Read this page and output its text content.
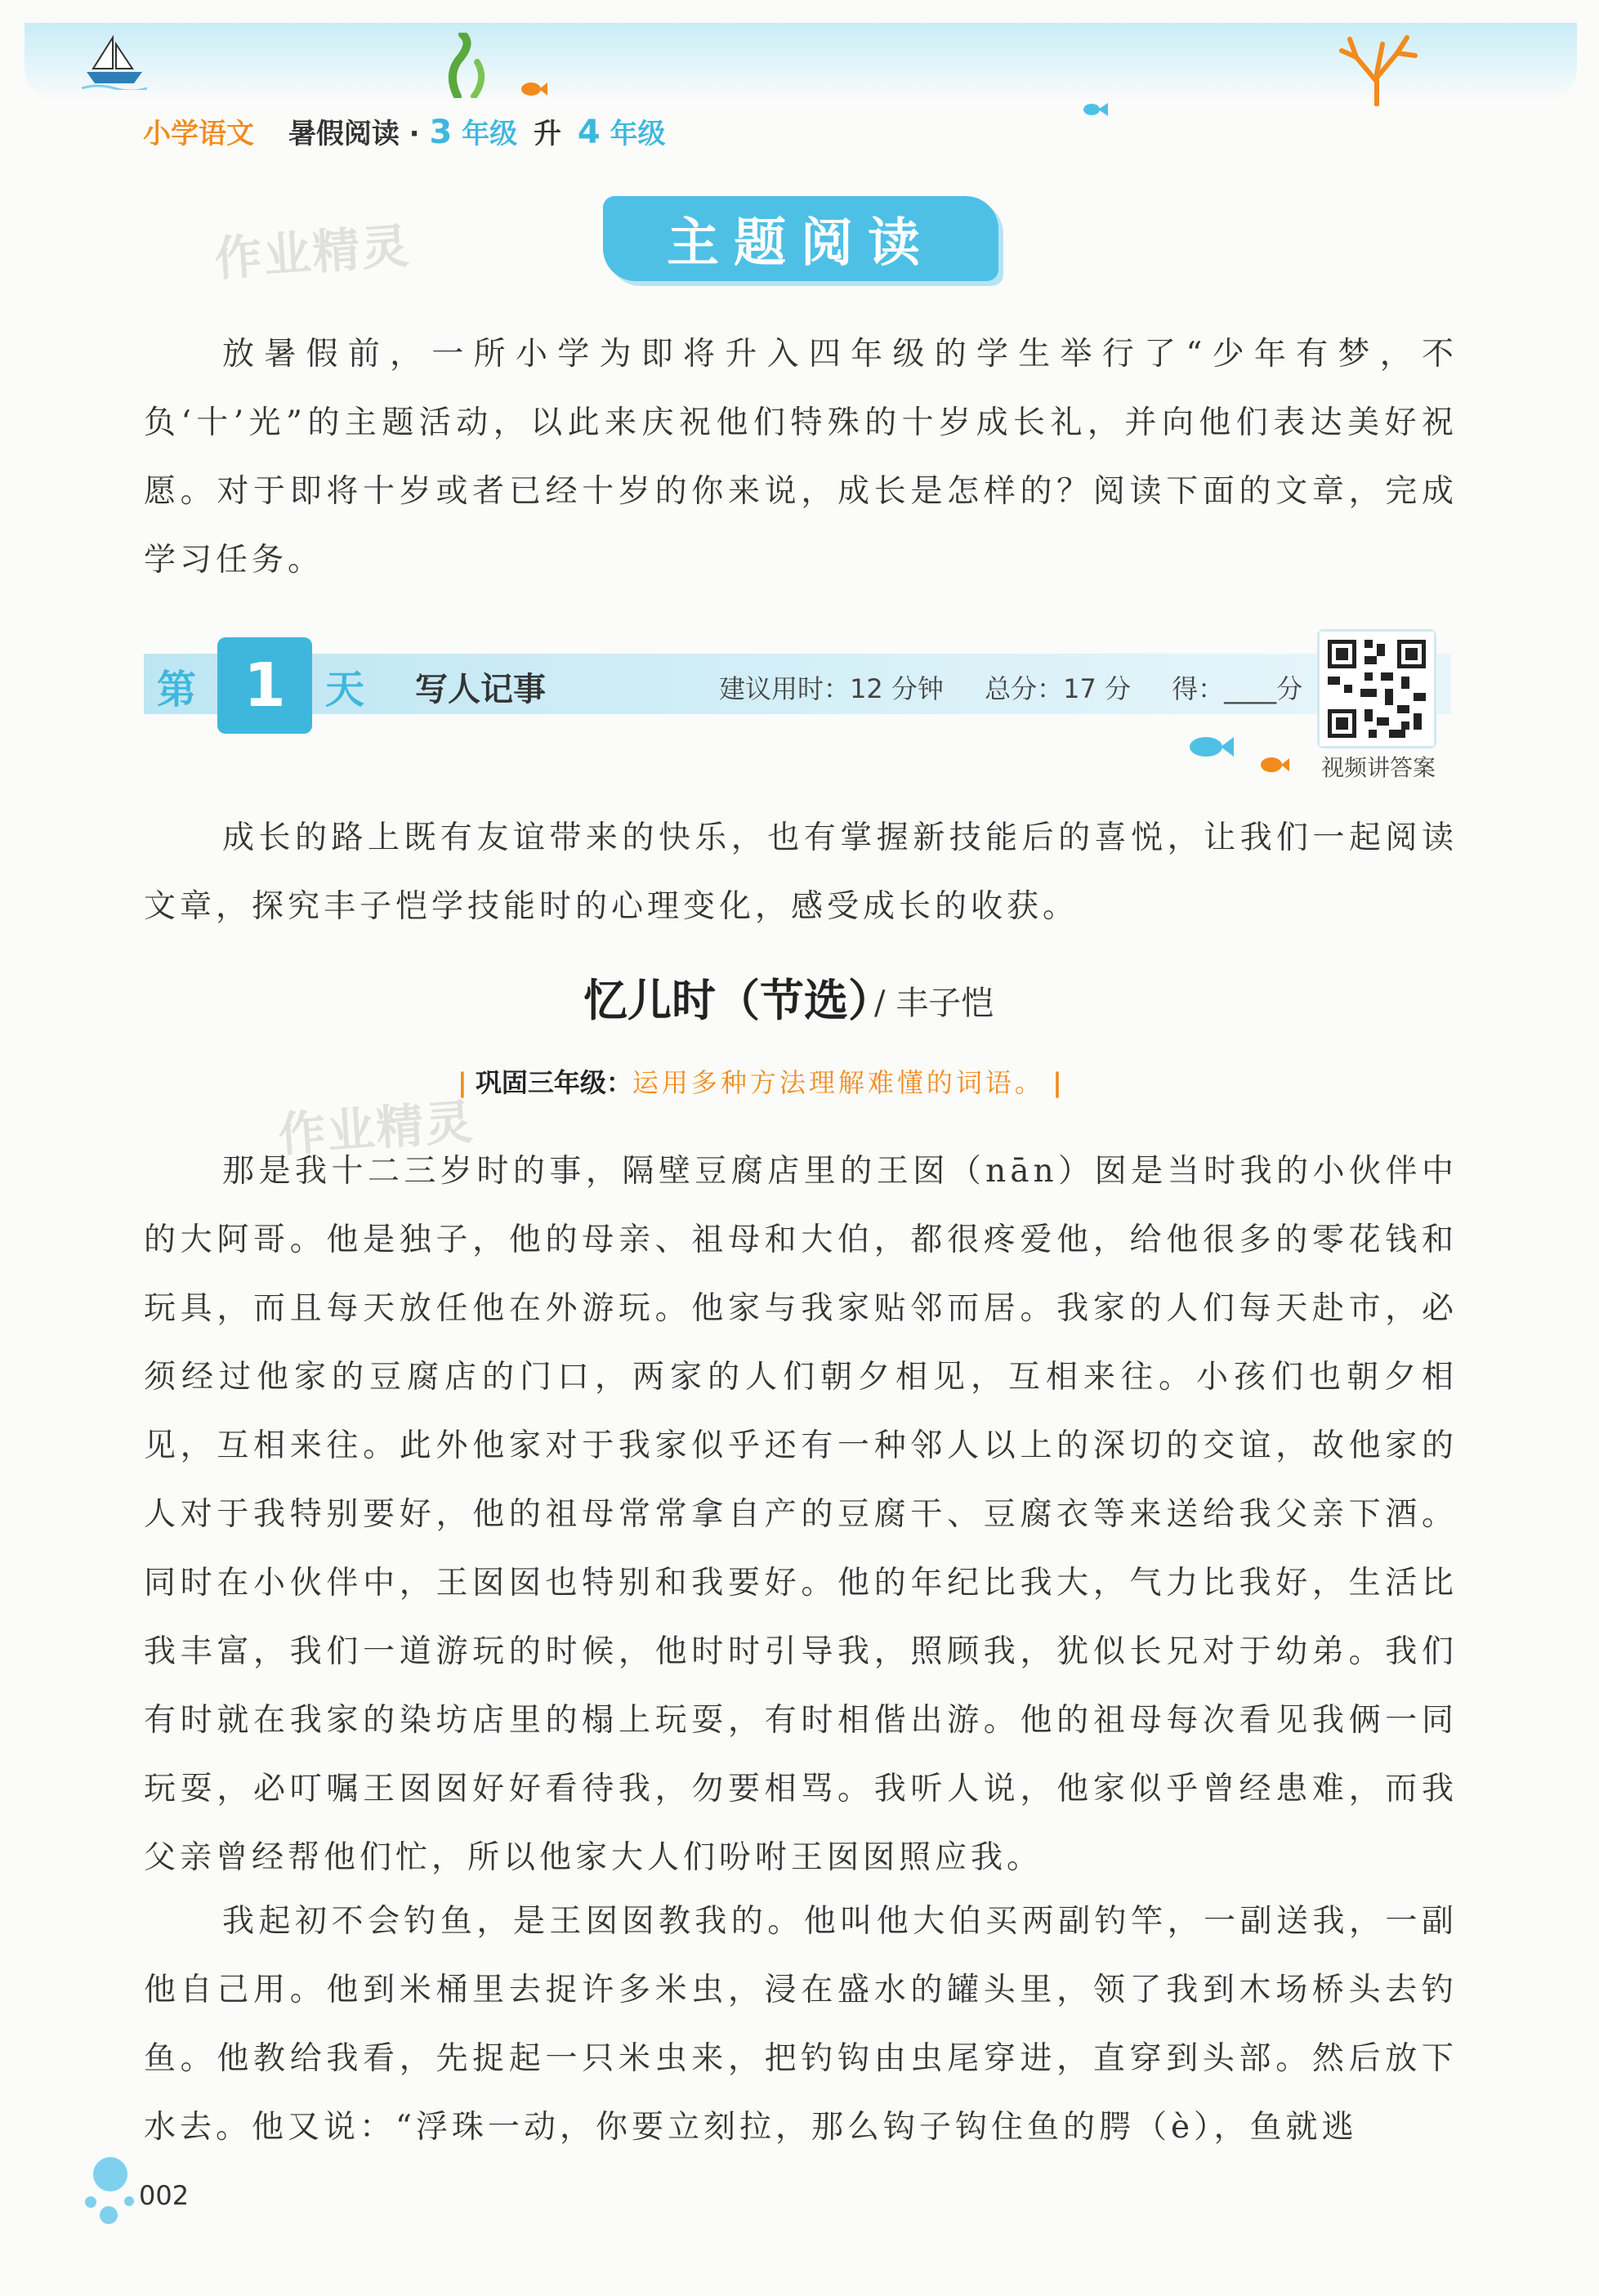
小学语文 暑假阅读 · 3 年级 升 4 年级
作业精灵
作业精灵
主题阅读

放暑假前，一所小学为即将升入四年级的学生举行了“少年有梦，不负‘十’光”的主题活动，以此来庆祝他们特殊的十岁成长礼，并向他们表达美好祝愿。对于即将十岁或者已经十岁的你来说，成长是怎样的？阅读下面的文章，完成学习任务。

第 1	天 写人记事	建议用时：12 分钟 总分：17 分 得：____分
视频讲答案

成长的路上既有友谊带来的快乐，也有掌握新技能后的喜悦，让我们一起阅读文章，探究丰子恺学技能时的心理变化，感受成长的收获。

忆儿时（节选）
/ 丰子恺
| 巩固三年级：运用多种方法理解难懂的词语。 |

那是我十二三岁时的事，隔壁豆腐店里的王囡（nān）囡是当时我的小伙伴中的大阿哥。他是独子，他的母亲、祖母和大伯，都很疼爱他，给他很多的零花钱和玩具，而且每天放任他在外游玩。他家与我家贴邻而居。我家的人们每天赴市，必须经过他家的豆腐店的门口，两家的人们朝夕相见，互相来往。小孩们也朝夕相见，互相来往。此外他家对于我家似乎还有一种邻人以上的深切的交谊，故他家的人对于我特别要好，他的祖母常常拿自产的豆腐干、豆腐衣等来送给我父亲下酒。同时在小伙伴中，王囡囡也特别和我要好。他的年纪比我大，气力比我好，生活比我丰富，我们一道游玩的时候，他时时引导我，照顾我，犹似长兄对于幼弟。我们有时就在我家的染坊店里的榻上玩耍，有时相偕出游。他的祖母每次看见我俩一同玩耍，必叮嘱王囡囡好好看待我，勿要相骂。我听人说，他家似乎曾经患难，而我父亲曾经帮他们忙，所以他家大人们吩咐王囡囡照应我。

我起初不会钓鱼，是王囡囡教我的。他叫他大伯买两副钓竿，一副送我，一副他自己用。他到米桶里去捉许多米虫，浸在盛水的罐头里，领了我到木场桥头去钓鱼。他教给我看，先捉起一只米虫来，把钓钩由虫尾穿进，直穿到头部。然后放下水去。他又说：“浮珠一动，你要立刻拉，那么钩子钩住鱼的腭（è），鱼就逃

002
